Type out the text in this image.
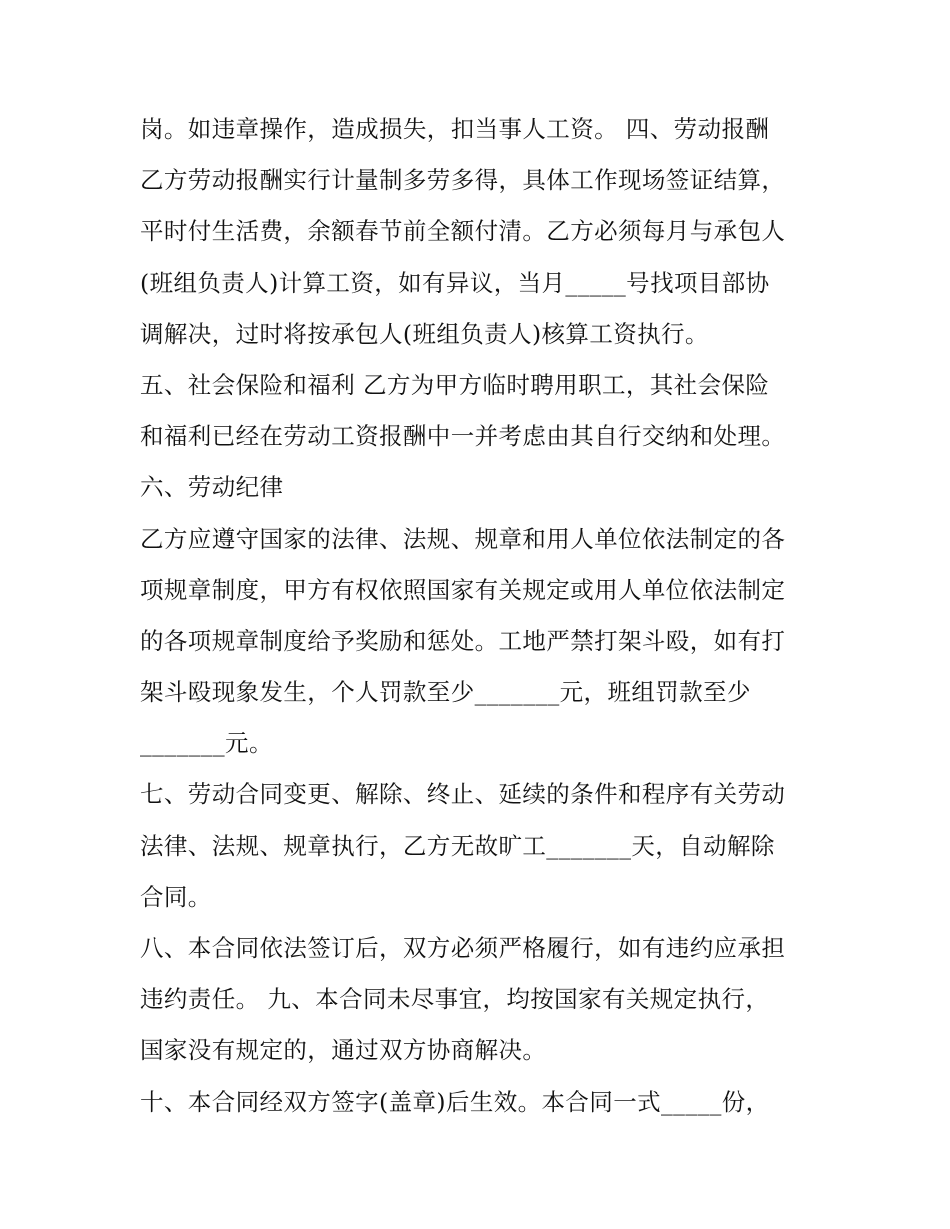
岗。如违章操作，造成损失，扣当事人工资。 四、劳动报酬
乙方劳动报酬实行计量制多劳多得，具体工作现场签证结算，
平时付生活费，余额春节前全额付清。乙方必须每月与承包人
(班组负责人)计算工资，如有异议，当月_____号找项目部协
调解决，过时将按承包人(班组负责人)核算工资执行。
五、社会保险和福利 乙方为甲方临时聘用职工，其社会保险
和福利已经在劳动工资报酬中一并考虑由其自行交纳和处理。
六、劳动纪律
乙方应遵守国家的法律、法规、规章和用人单位依法制定的各
项规章制度，甲方有权依照国家有关规定或用人单位依法制定
的各项规章制度给予奖励和惩处。工地严禁打架斗殴，如有打
架斗殴现象发生，个人罚款至少_______元，班组罚款至少
_______元。
七、劳动合同变更、解除、终止、延续的条件和程序有关劳动
法律、法规、规章执行，乙方无故旷工_______天，自动解除
合同。
八、本合同依法签订后，双方必须严格履行，如有违约应承担
违约责任。 九、本合同未尽事宜，均按国家有关规定执行，
国家没有规定的，通过双方协商解决。
十、本合同经双方签字(盖章)后生效。本合同一式_____份，
